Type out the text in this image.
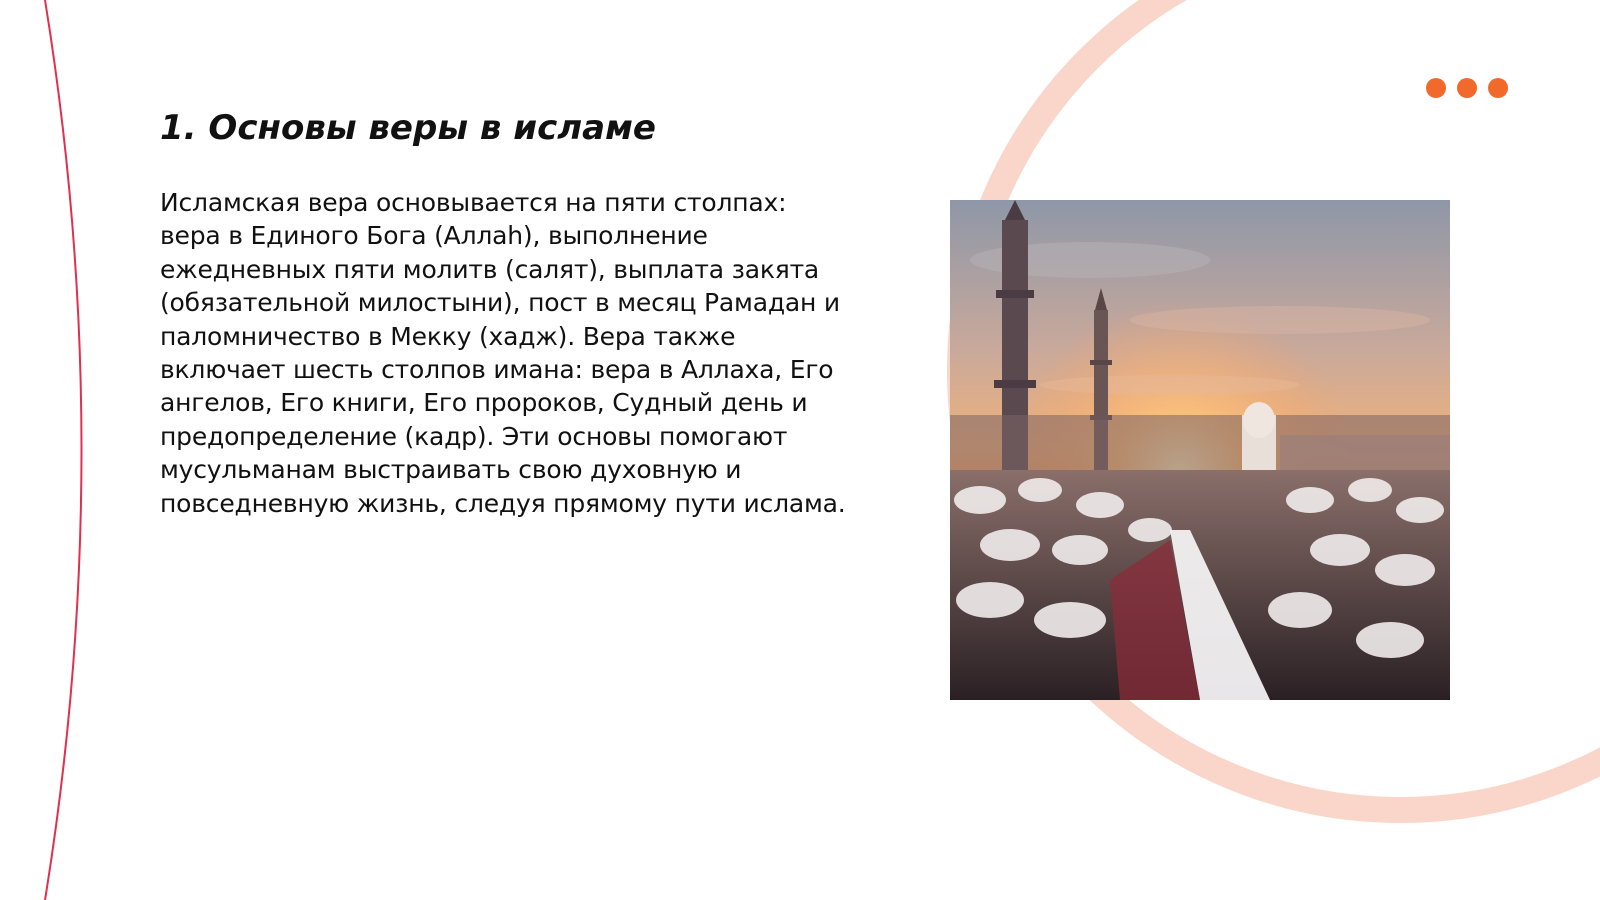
1. Основы веры в исламе

Исламская вера основывается на пяти столпах: вера в Единого Бога (Аллаһ), выполнение ежедневных пяти молитв (салят), выплата закята (обязательной милостыни), пост в месяц Рамадан и паломничество в Мекку (хадж). Вера также включает шесть столпов имана: вера в Аллаха, Его ангелов, Его книги, Его пророков, Судный день и предопределение (кадр). Эти основы помогают мусульманам выстраивать свою духовную и повседневную жизнь, следуя прямому пути ислама.
